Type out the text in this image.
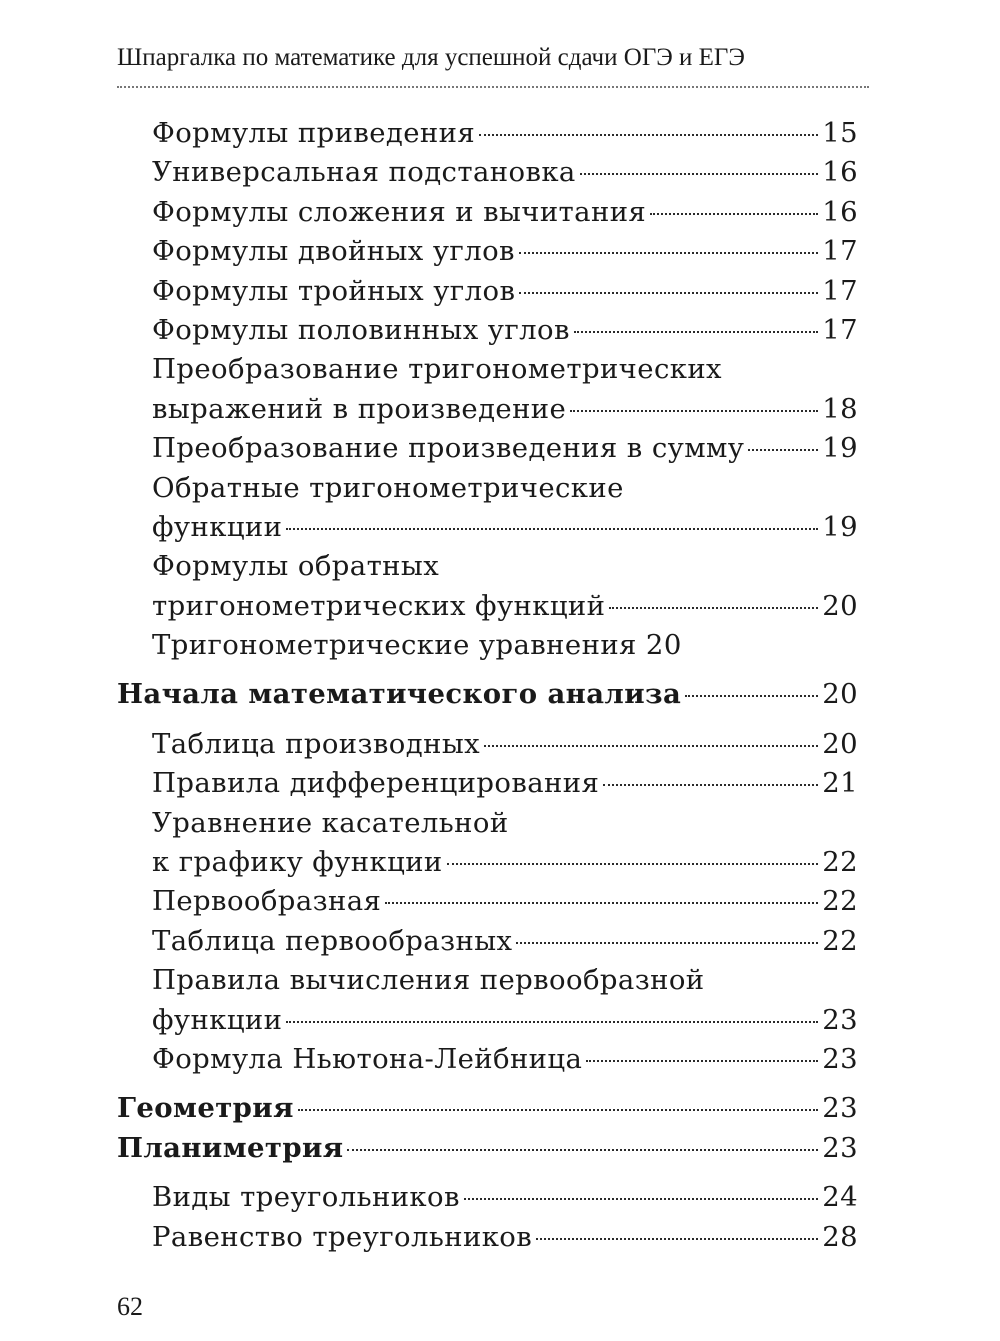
Шпаргалка по математике для успешной сдачи ОГЭ и ЕГЭ
Формулы приведения	15
Универсальная подстановка	16
Формулы сложения и вычитания	16
Формулы двойных углов	17
Формулы тройных углов	17
Формулы половинных углов	17
Преобразование тригонометрических
выражений в произведение	18
Преобразование произведения в сумму	19
Обратные тригонометрические
функции	19
Формулы обратных
тригонометрических функций	20
Тригонометрические уравнения 20
Начала математического анализа	20
Таблица производных	20
Правила дифференцирования	21
Уравнение касательной
к графику функции	22
Первообразная	22
Таблица первообразных	22
Правила вычисления первообразной
функции	23
Формула Ньютона-Лейбница	23
Геометрия	23
Планиметрия	23
Виды треугольников	24
Равенство треугольников	28
62
